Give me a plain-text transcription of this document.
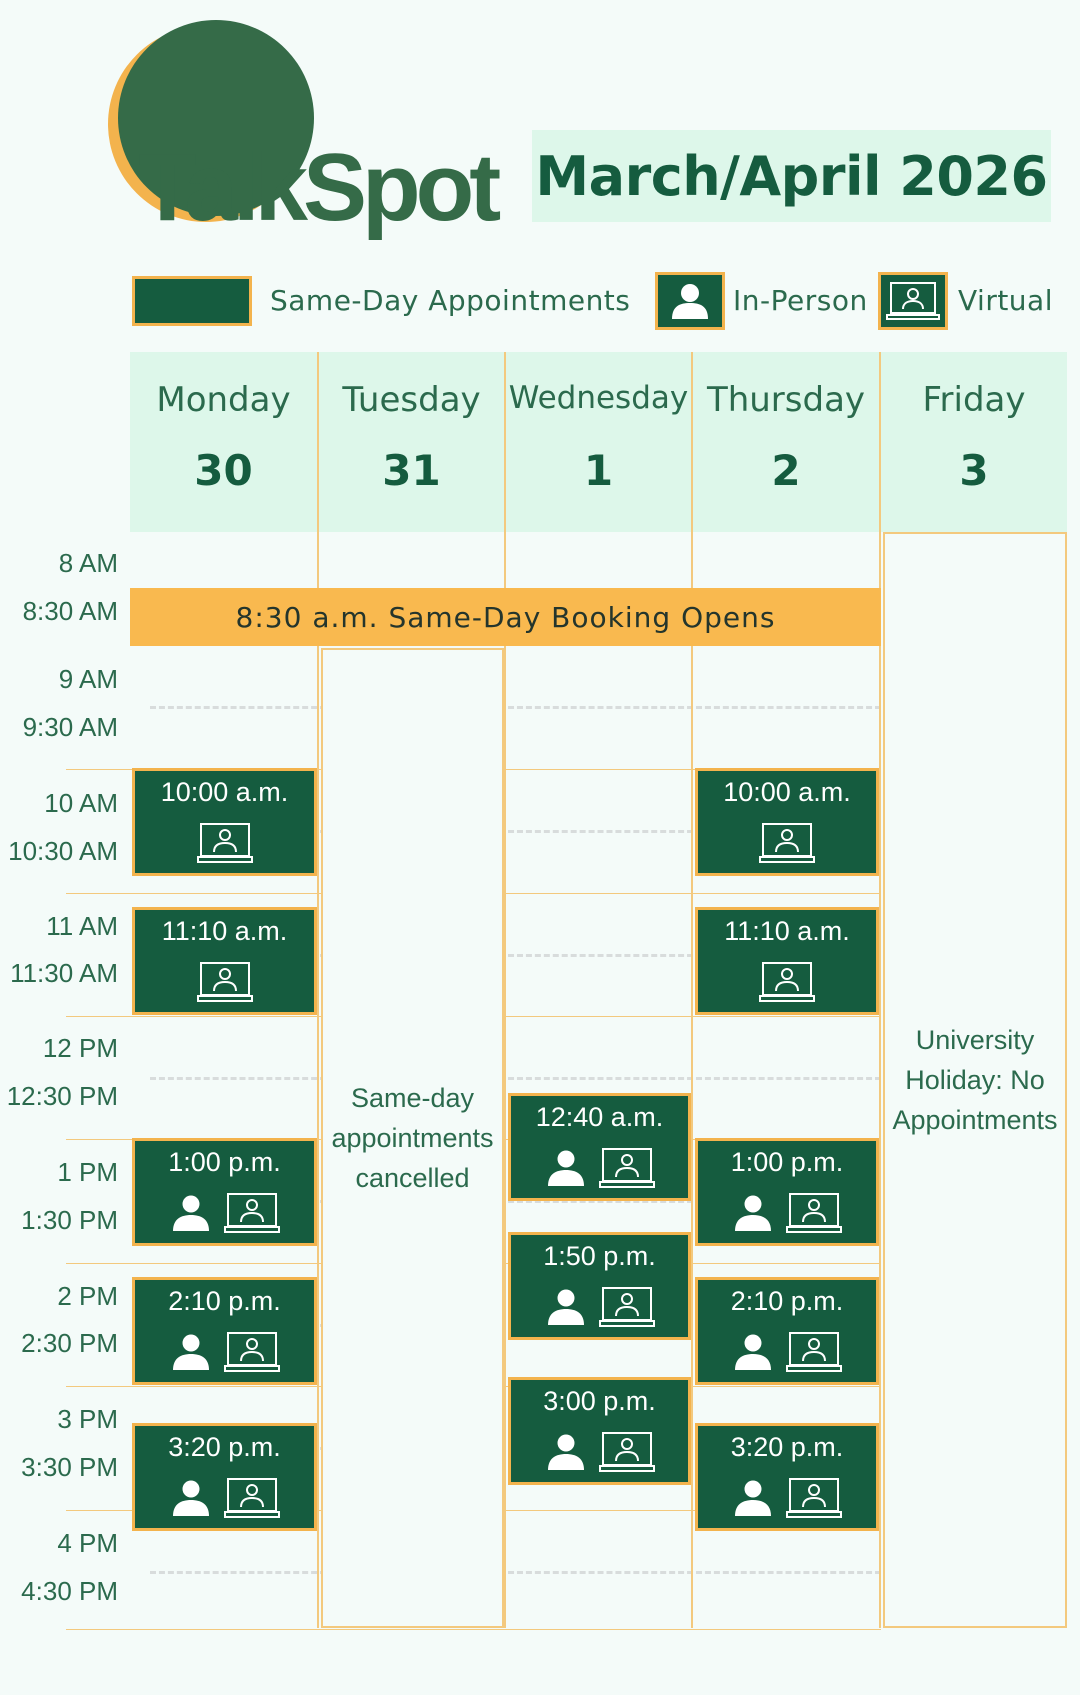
TalkSpot March/April 2026
Same-Day Appointments	In-Person	Virtual
Monday
30
Tuesday
31
Wednesday
1
Thursday
2
Friday
3
8 AM
8:30 AM
9 AM
9:30 AM
10 AM
10:30 AM
11 AM
11:30 AM
12 PM
12:30 PM
1 PM
1:30 PM
2 PM
2:30 PM
3 PM
3:30 PM
4 PM
4:30 PM
8:30 a.m. Same-Day Booking Opens
Same-day appointments cancelled
University Holiday: No Appointments
10:00 a.m.
11:10 a.m.
1:00 p.m.
2:10 p.m.
3:20 p.m.
12:40 a.m.
1:50 p.m.
3:00 p.m.
10:00 a.m.
11:10 a.m.
1:00 p.m.
2:10 p.m.
3:20 p.m.
